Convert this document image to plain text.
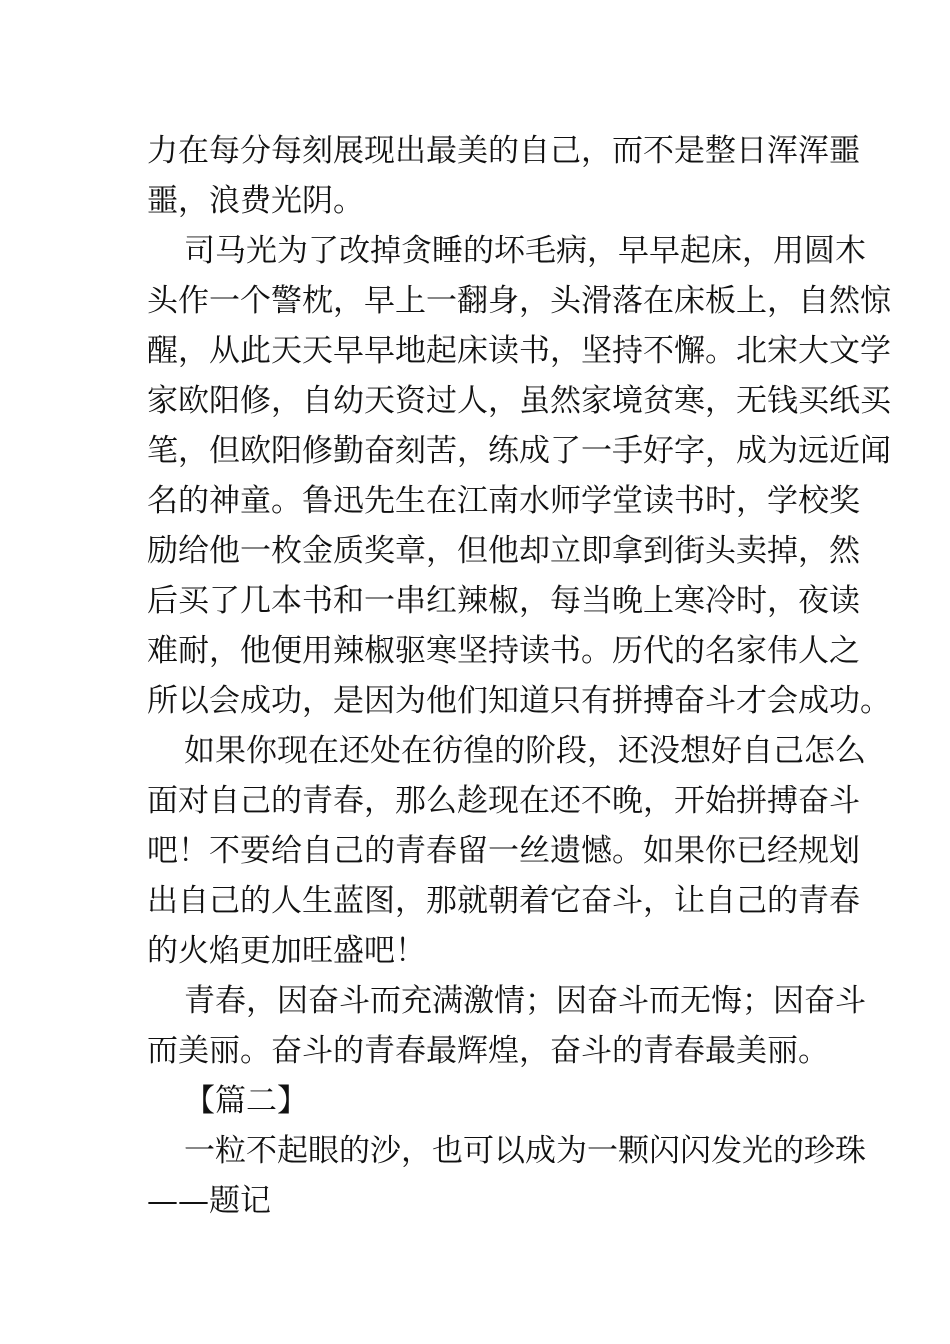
力在每分每刻展现出最美的自己，而不是整日浑浑噩
噩，浪费光阴。
司马光为了改掉贪睡的坏毛病，早早起床，用圆木
头作一个警枕，早上一翻身，头滑落在床板上，自然惊
醒，从此天天早早地起床读书，坚持不懈。北宋大文学
家欧阳修，自幼天资过人，虽然家境贫寒，无钱买纸买
笔，但欧阳修勤奋刻苦，练成了一手好字，成为远近闻
名的神童。鲁迅先生在江南水师学堂读书时，学校奖
励给他一枚金质奖章，但他却立即拿到街头卖掉，然
后买了几本书和一串红辣椒，每当晚上寒冷时，夜读
难耐，他便用辣椒驱寒坚持读书。历代的名家伟人之
所以会成功，是因为他们知道只有拼搏奋斗才会成功。
如果你现在还处在彷徨的阶段，还没想好自己怎么
面对自己的青春，那么趁现在还不晚，开始拼搏奋斗
吧！不要给自己的青春留一丝遗憾。如果你已经规划
出自己的人生蓝图，那就朝着它奋斗，让自己的青春
的火焰更加旺盛吧！
青春，因奋斗而充满激情；因奋斗而无悔；因奋斗
而美丽。奋斗的青春最辉煌，奋斗的青春最美丽。
【篇二】
一粒不起眼的沙，也可以成为一颗闪闪发光的珍珠
——题记
